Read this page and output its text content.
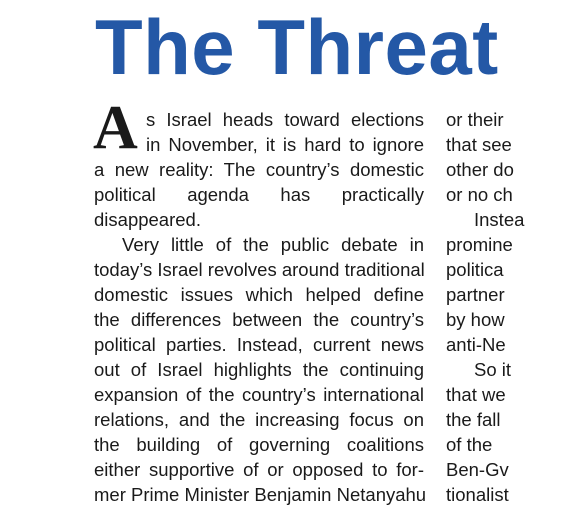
The Threat
A s Israel heads toward elections
in November, it is hard to ignore
a new reality: The country’s domestic
political agenda has practically
disappeared.
Very little of the public debate in
today’s Israel revolves around traditional
domestic issues which helped define
the differences between the country’s
political parties. Instead, current news
out of Israel highlights the continuing
expansion of the country’s international
relations, and the increasing focus on
the building of governing coalitions
either supportive of or opposed to for-
mer Prime Minister Benjamin Netanyahu
or their
that see
other do
or no ch
Instea
promine
politica
partner
by how
anti-Ne
So it
that we
the fall
of the
Ben-Gv
tionalist
